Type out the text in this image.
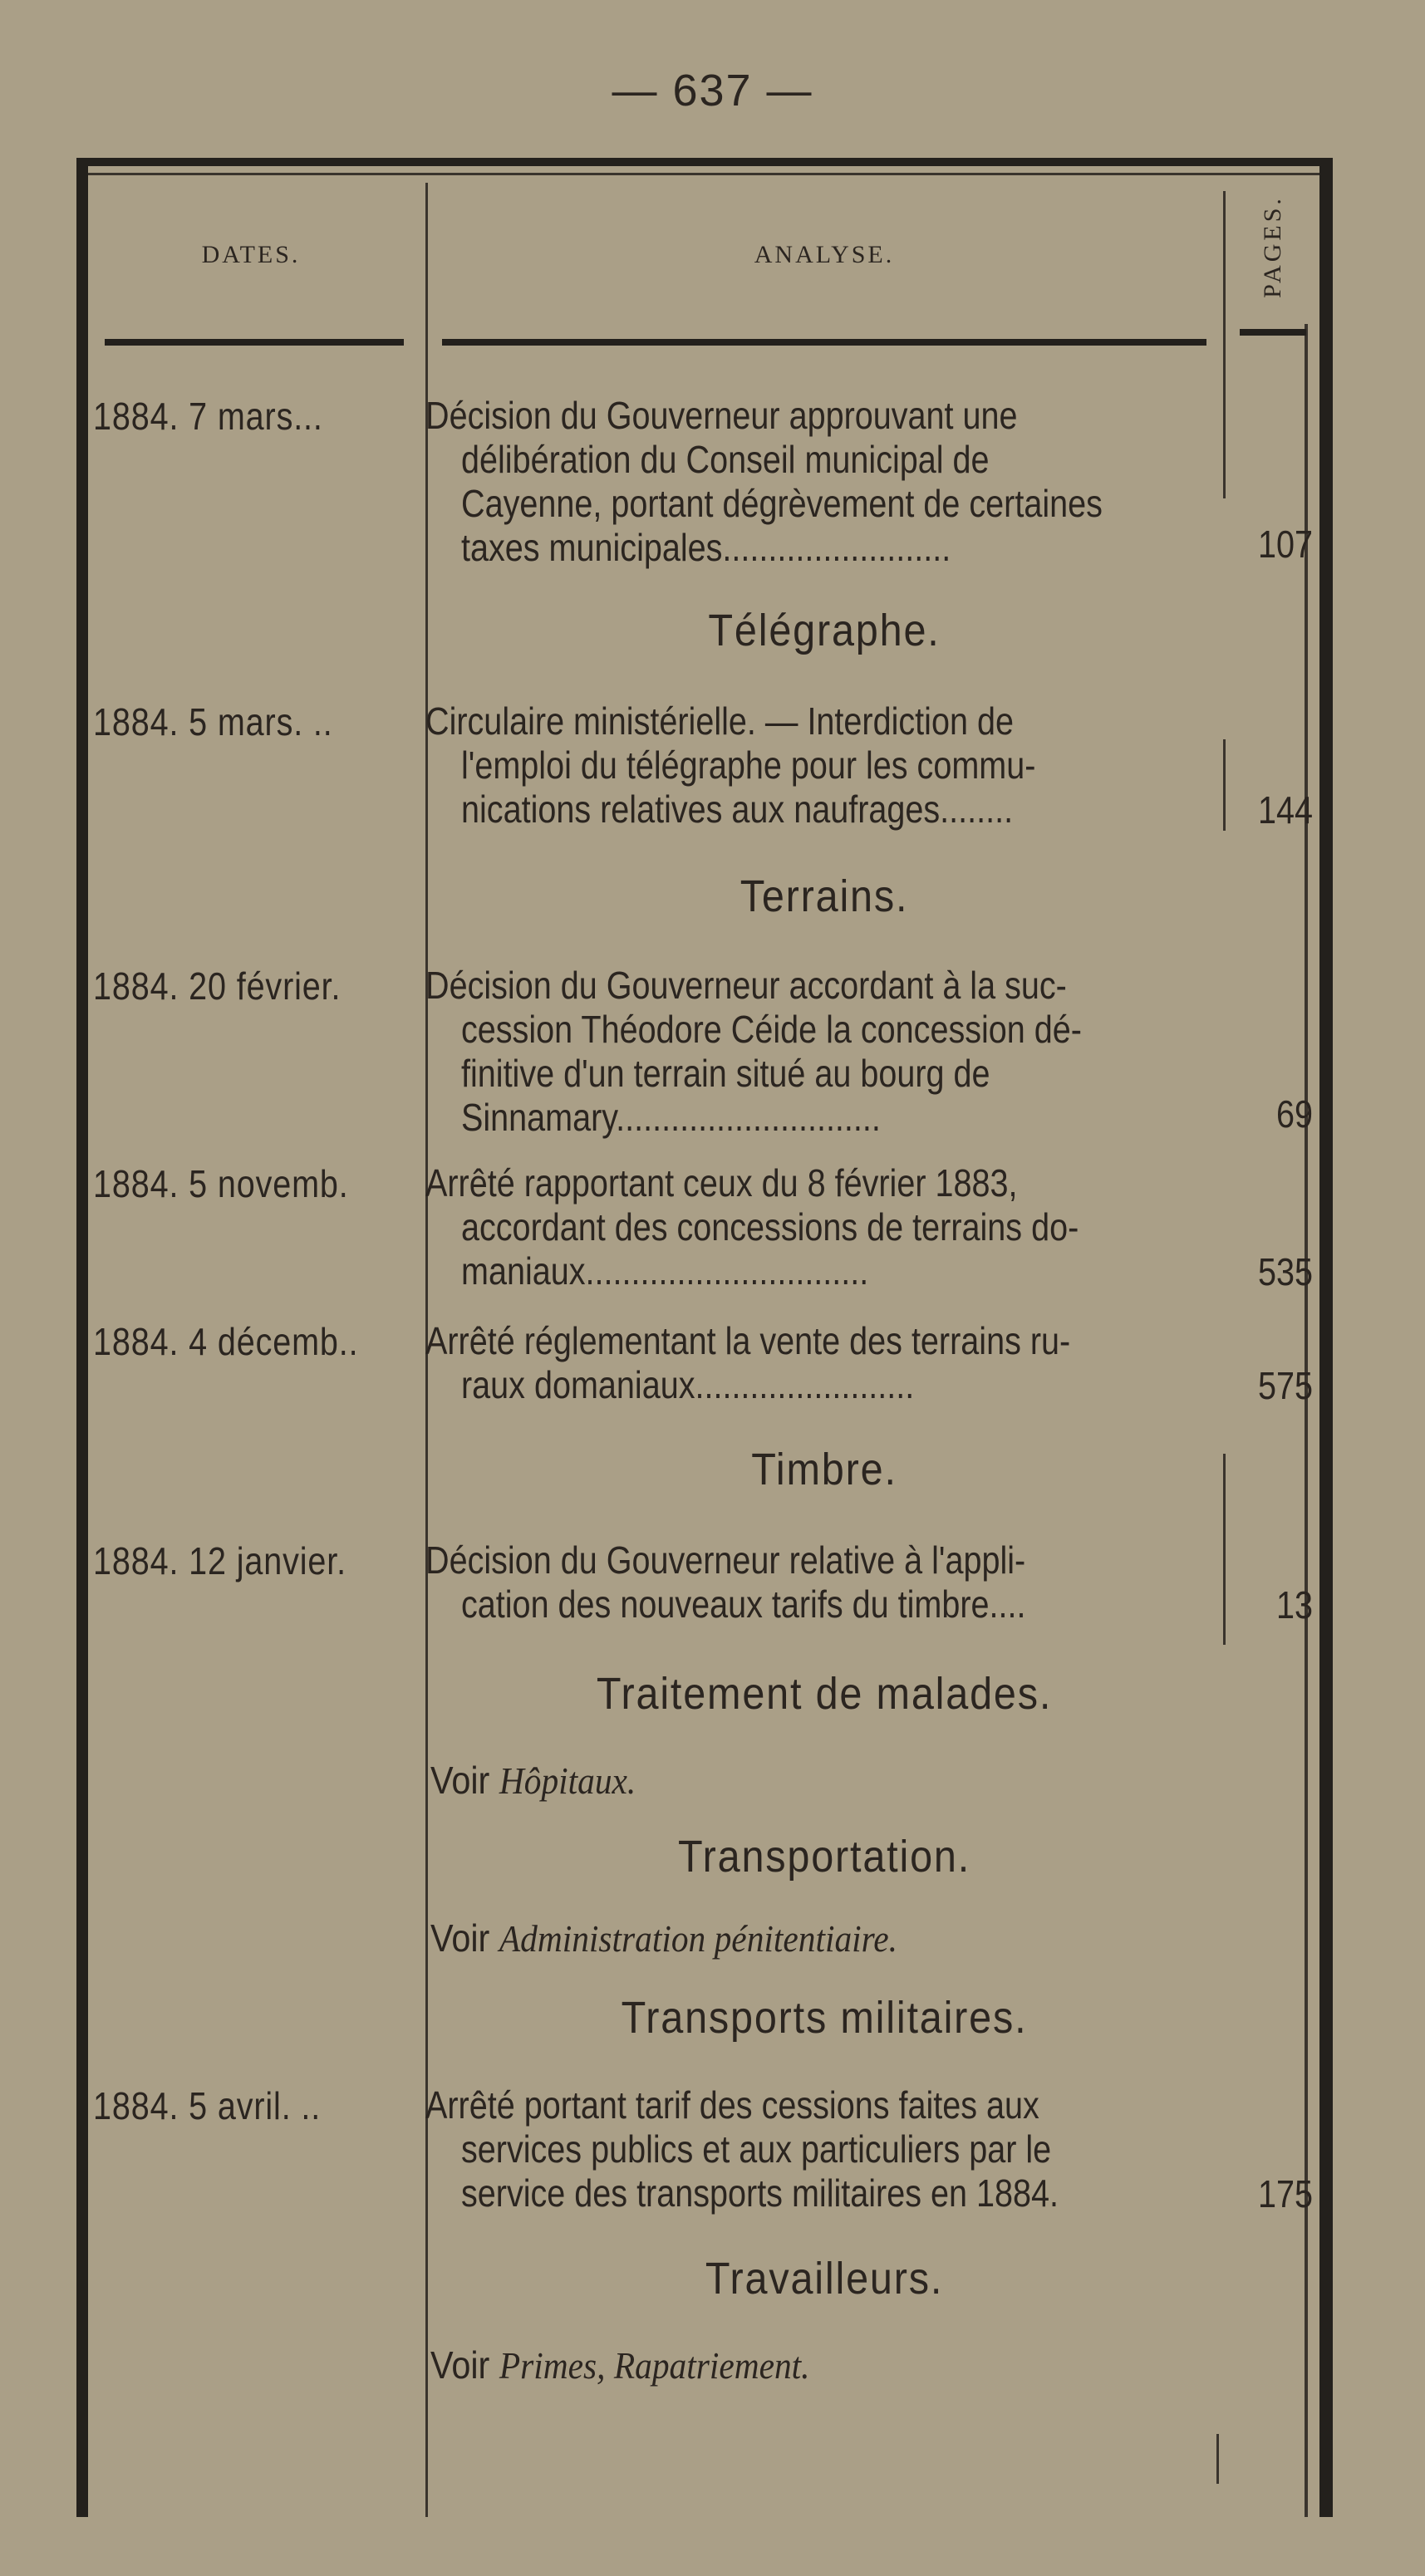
— 637 —
DATES.	ANALYSE.	PAGES.
1884. 7 mars...	Décision du Gouverneur approuvant une
délibération du Conseil municipal de
Cayenne, portant dégrèvement de certaines
taxes municipales.........................	107
Télégraphe.
1884. 5 mars. .. Circulaire ministérielle. — Interdiction de
l'emploi du télégraphe pour les commu-
nications relatives aux naufrages........	144
Terrains.
1884. 20 février. Décision du Gouverneur accordant à la suc-
cession Théodore Céide la concession dé-
finitive d'un terrain situé au bourg de
Sinnamary.............................	69
1884. 5 novemb. Arrêté rapportant ceux du 8 février 1883,
accordant des concessions de terrains do-
maniaux...............................	535
1884. 4 décemb.. Arrêté réglementant la vente des terrains ru-
raux domaniaux........................	575
Timbre.
1884. 12 janvier. Décision du Gouverneur relative à l'appli-
cation des nouveaux tarifs du timbre....	13
Traitement de malades.
Voir Hôpitaux.
Transportation.
Voir Administration pénitentiaire.
Transports militaires.
1884. 5 avril. ..	Arrêté portant tarif des cessions faites aux
services publics et aux particuliers par le
service des transports militaires en 1884.	175
Travailleurs.
Voir Primes, Rapatriement.
